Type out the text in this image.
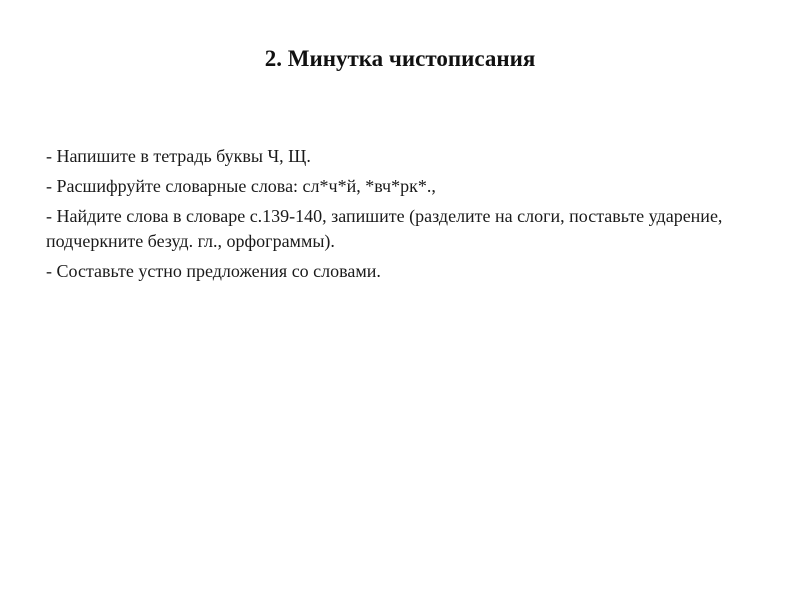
2. Минутка чистописания
- Напишите в тетрадь буквы Ч, Щ.
- Расшифруйте словарные слова: сл*ч*й, *вч*рк*.,
- Найдите слова в словаре с.139-140, запишите (разделите на слоги, поставьте ударение, подчеркните безуд. гл., орфограммы).
- Составьте устно предложения со словами.
